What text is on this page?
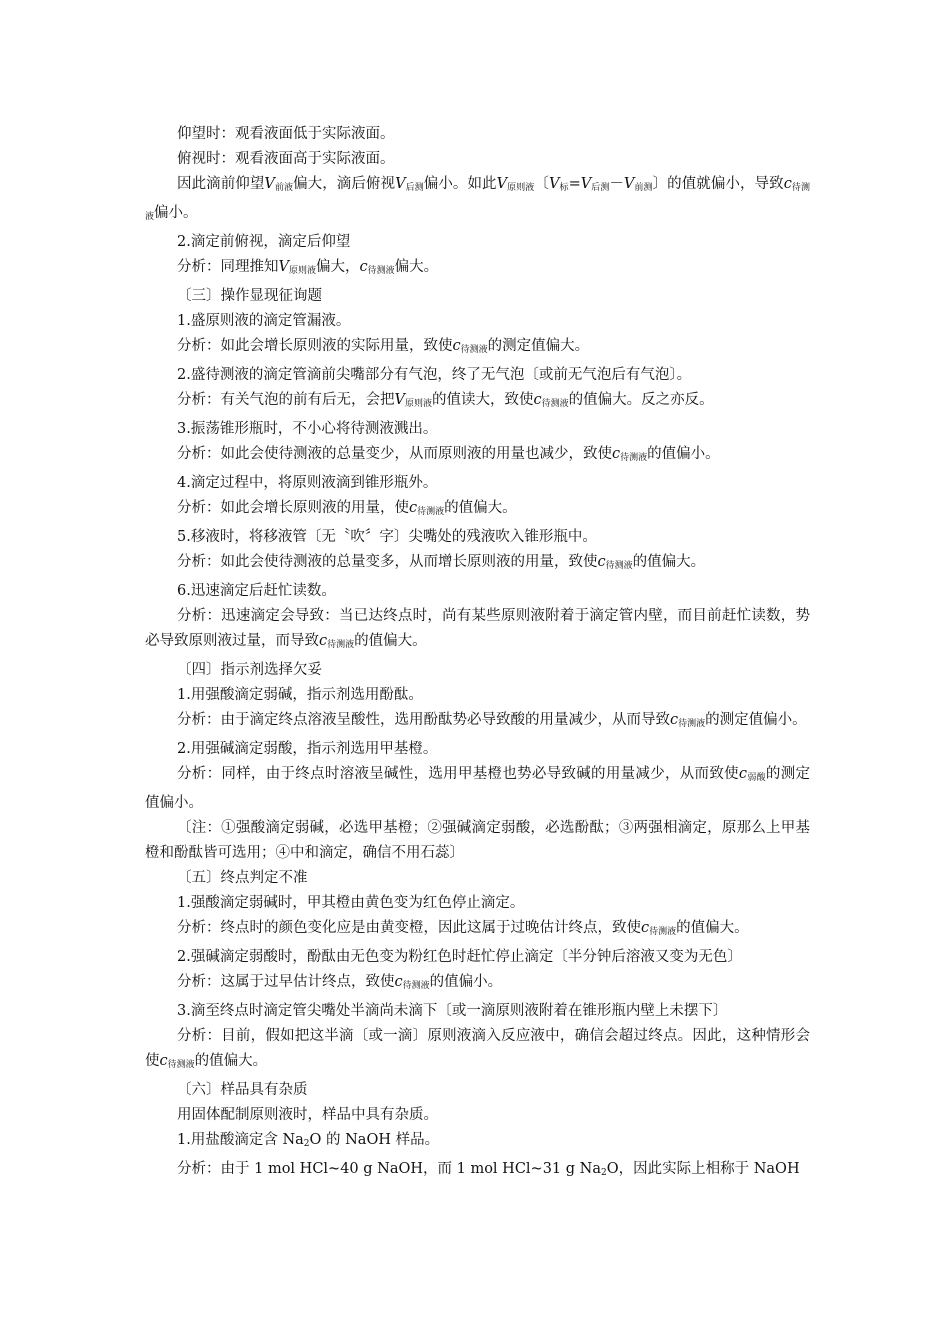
仰望时：观看液面低于实际液面。

俯视时：观看液面高于实际液面。

因此滴前仰望$V_{前液}$偏大，滴后俯视$V_{后测}$偏小。如此$V_{原则液}$〔$V_标=V_{后测}-V_{前测}$〕的值就偏小，导致$c_{待测液}$偏小。

2.滴定前俯视，滴定后仰望

分析：同理推知$V_{原则液}$偏大，$c_{待测液}$偏大。

〔三〕操作显现征询题

1.盛原则液的滴定管漏液。

分析：如此会增长原则液的实际用量，致使$c_{待测液}$的测定值偏大。

2.盛待测液的滴定管滴前尖嘴部分有气泡，终了无气泡〔或前无气泡后有气泡〕。

分析：有关气泡的前有后无，会把$V_{原则液}$的值读大，致使$c_{待测液}$的值偏大。反之亦反。

3.振荡锥形瓶时，不小心将待测液溅出。

分析：如此会使待测液的总量变少，从而原则液的用量也减少，致使$c_{待测液}$的值偏小。

4.滴定过程中，将原则液滴到锥形瓶外。

分析：如此会增长原则液的用量，使$c_{待测液}$的值偏大。

5.移液时，将移液管〔无〝吹〞字〕尖嘴处的残液吹入锥形瓶中。

分析：如此会使待测液的总量变多，从而增长原则液的用量，致使$c_{待测液}$的值偏大。

6.迅速滴定后赶忙读数。

分析：迅速滴定会导致：当已达终点时，尚有某些原则液附着于滴定管内壁，而目前赶忙读数，势必导致原则液过量，而导致$c_{待测液}$的值偏大。

〔四〕指示剂选择欠妥

1.用强酸滴定弱碱，指示剂选用酚酞。

分析：由于滴定终点溶液呈酸性，选用酚酞势必导致酸的用量减少，从而导致$c_{待测液}$的测定值偏小。

2.用强碱滴定弱酸，指示剂选用甲基橙。

分析：同样，由于终点时溶液呈碱性，选用甲基橙也势必导致碱的用量减少，从而致使$c_{弱酸}$的测定值偏小。

〔注：①强酸滴定弱碱，必选甲基橙；②强碱滴定弱酸，必选酚酞；③两强相滴定，原那么上甲基橙和酚酞皆可选用；④中和滴定，确信不用石蕊〕

〔五〕终点判定不准

1.强酸滴定弱碱时，甲其橙由黄色变为红色停止滴定。

分析：终点时的颜色变化应是由黄变橙，因此这属于过晚估计终点，致使$c_{待测液}$的值偏大。

2.强碱滴定弱酸时，酚酞由无色变为粉红色时赶忙停止滴定〔半分钟后溶液又变为无色〕

分析：这属于过早估计终点，致使$c_{待测液}$的值偏小。

3.滴至终点时滴定管尖嘴处半滴尚未滴下〔或一滴原则液附着在锥形瓶内壁上未摆下〕

分析：目前，假如把这半滴〔或一滴〕原则液滴入反应液中，确信会超过终点。因此，这种情形会使$c_{待测液}$的值偏大。

〔六〕样品具有杂质

用固体配制原则液时，样品中具有杂质。

1.用盐酸滴定含 $Na_2O$ 的 NaOH 样品。

分析：由于 1 mol HCl~40 g NaOH，而 1 mol HCl~31 g $Na_2O$，因此实际上相称于 NaOH
